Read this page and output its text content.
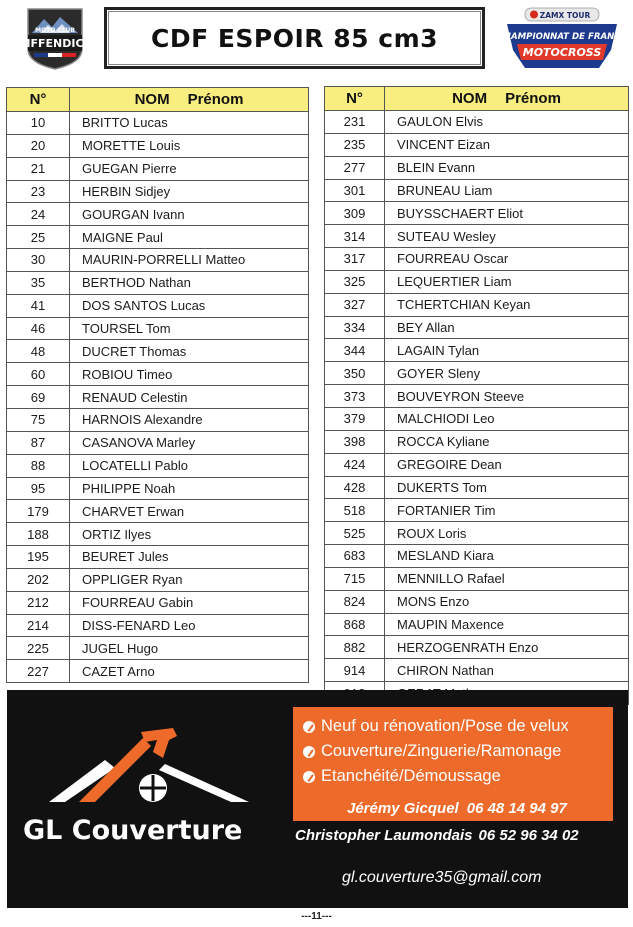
MOTO CLUB
IFFENDIC	CDF ESPOIR 85 cm3
ZAMX TOUR
CHAMPIONNAT DE FRANCE
MOTOCROSS
N°	NOM Prénom
10	BRITTO Lucas
20	MORETTE Louis
21	GUEGAN Pierre
23	HERBIN Sidjey
24	GOURGAN Ivann
25	MAIGNE Paul
30	MAURIN-PORRELLI Matteo
35	BERTHOD Nathan
41	DOS SANTOS Lucas
46	TOURSEL Tom
48	DUCRET Thomas
60	ROBIOU Timeo
69	RENAUD Celestin
75	HARNOIS Alexandre
87	CASANOVA Marley
88	LOCATELLI Pablo
95	PHILIPPE Noah
179	CHARVET Erwan
188	ORTIZ Ilyes
195	BEURET Jules
202	OPPLIGER Ryan
212	FOURREAU Gabin
214	DISS-FENARD Leo
225	JUGEL Hugo
227	CAZET Arno
N°	NOM Prénom
231	GAULON Elvis
235	VINCENT Eizan
277	BLEIN Evann
301	BRUNEAU Liam
309	BUYSSCHAERT Eliot
314	SUTEAU Wesley
317	FOURREAU Oscar
325	LEQUERTIER Liam
327	TCHERTCHIAN Keyan
334	BEY Allan
344	LAGAIN Tylan
350	GOYER Sleny
373	BOUVEYRON Steeve
379	MALCHIODI Leo
398	ROCCA Kyliane
424	GREGOIRE Dean
428	DUKERTS Tom
518	FORTANIER Tim
525	ROUX Loris
683	MESLAND Kiara
715	MENNILLO Rafael
824	MONS Enzo
868	MAUPIN Maxence
882	HERZOGENRATH Enzo
914	CHIRON Nathan

GL Couverture
Neuf ou rénovation/Pose de velux
Couverture/Zinguerie/Ramonage
Etanchéité/Démoussage
Jérémy Gicquel 06 48 14 94 97
Christopher Laumondais 06 52 96 34 02
gl.couverture35@gmail.com
---11---
